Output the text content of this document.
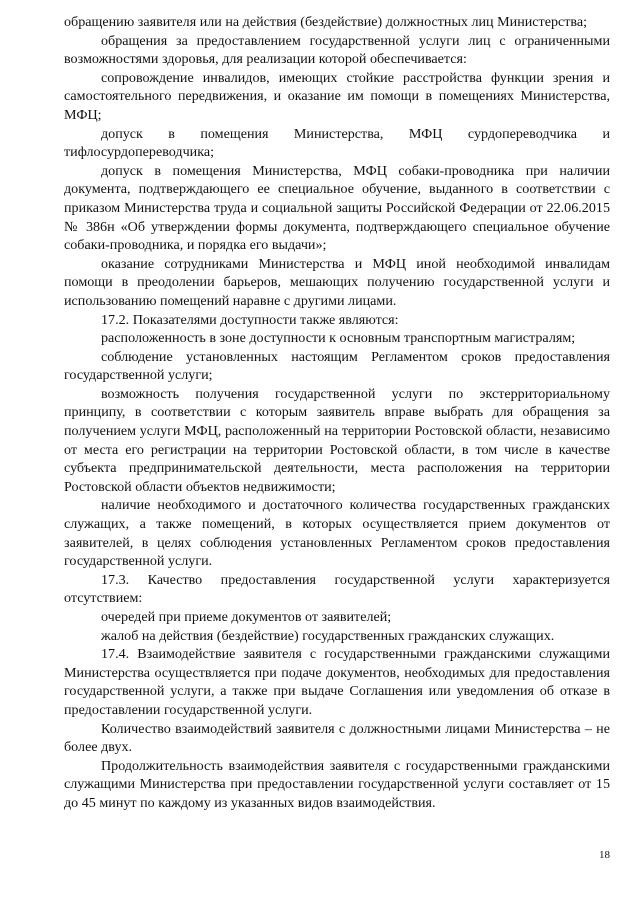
обращению заявителя или на действия (бездействие) должностных лиц Министерства;

обращения за предоставлением государственной услуги лиц с ограниченными возможностями здоровья, для реализации которой обеспечивается:

сопровождение инвалидов, имеющих стойкие расстройства функции зрения и самостоятельного передвижения, и оказание им помощи в помещениях Министерства, МФЦ;

допуск в помещения Министерства, МФЦ сурдопереводчика и тифлосурдопереводчика;

допуск в помещения Министерства, МФЦ собаки-проводника при наличии документа, подтверждающего ее специальное обучение, выданного в соответствии с приказом Министерства труда и социальной защиты Российской Федерации от 22.06.2015 № 386н «Об утверждении формы документа, подтверждающего специальное обучение собаки-проводника, и порядка его выдачи»;

оказание сотрудниками Министерства и МФЦ иной необходимой инвалидам помощи в преодолении барьеров, мешающих получению государственной услуги и использованию помещений наравне с другими лицами.

17.2. Показателями доступности также являются:

расположенность в зоне доступности к основным транспортным магистралям;

соблюдение установленных настоящим Регламентом сроков предоставления государственной услуги;

возможность получения государственной услуги по экстерриториальному принципу, в соответствии с которым заявитель вправе выбрать для обращения за получением услуги МФЦ, расположенный на территории Ростовской области, независимо от места его регистрации на территории Ростовской области, в том числе в качестве субъекта предпринимательской деятельности, места расположения на территории Ростовской области объектов недвижимости;

наличие необходимого и достаточного количества государственных гражданских служащих, а также помещений, в которых осуществляется прием документов от заявителей, в целях соблюдения установленных Регламентом сроков предоставления государственной услуги.

17.3. Качество предоставления государственной услуги характеризуется отсутствием:

очередей при приеме документов от заявителей;

жалоб на действия (бездействие) государственных гражданских служащих.

17.4. Взаимодействие заявителя с государственными гражданскими служащими Министерства осуществляется при подаче документов, необходимых для предоставления государственной услуги, а также при выдаче Соглашения или уведомления об отказе в предоставлении государственной услуги.

Количество взаимодействий заявителя с должностными лицами Министерства – не более двух.

Продолжительность взаимодействия заявителя с государственными гражданскими служащими Министерства при предоставлении государственной услуги составляет от 15 до 45 минут по каждому из указанных видов взаимодействия.

18
